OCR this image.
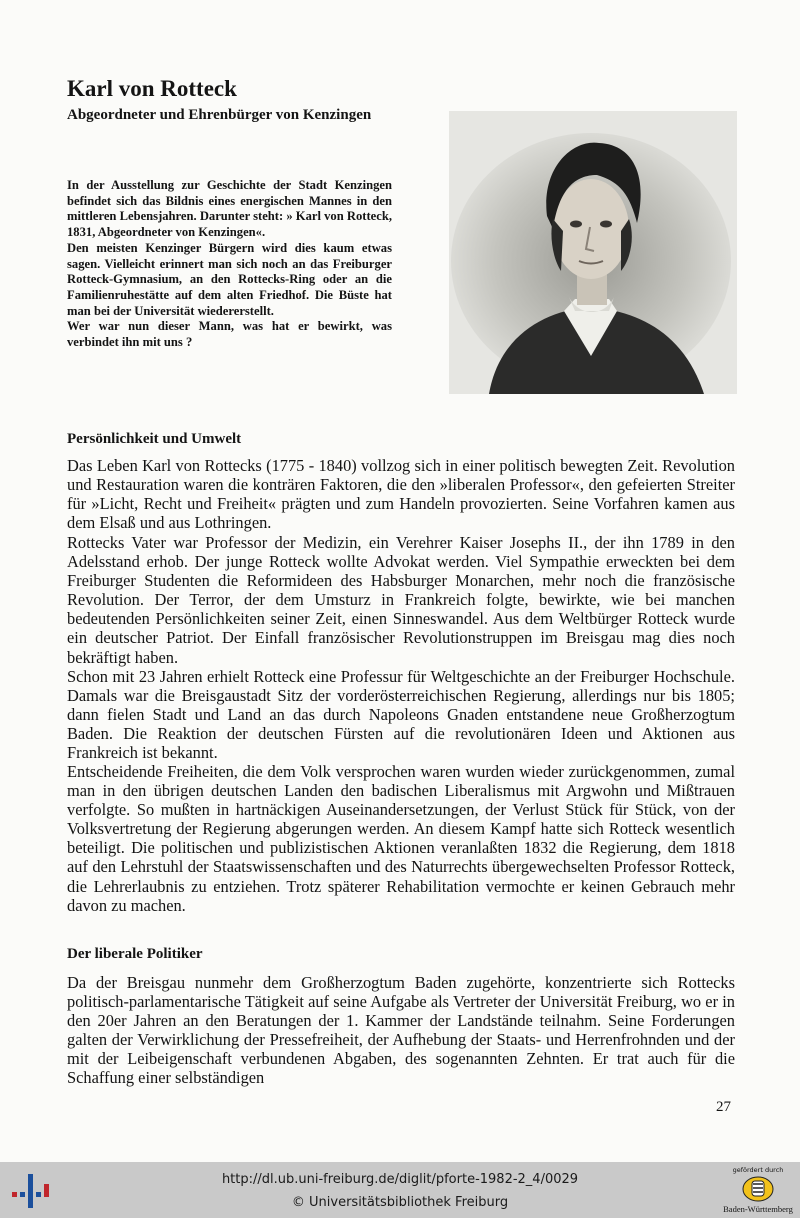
Karl von Rotteck
Abgeordneter und Ehrenbürger von Kenzingen

In der Ausstellung zur Geschichte der Stadt Kenzingen befindet sich das Bildnis eines energischen Mannes in den mittleren Lebensjahren. Darunter steht: » Karl von Rotteck, 1831, Abgeordneter von Kenzingen«.
Den meisten Kenzinger Bürgern wird dies kaum etwas sagen. Vielleicht erinnert man sich noch an das Freiburger Rotteck-Gymnasium, an den Rottecks-Ring oder an die Familienruhestätte auf dem alten Friedhof. Die Büste hat man bei der Universität wiedererstellt.
Wer war nun dieser Mann, was hat er bewirkt, was verbindet ihn mit uns ?

Persönlichkeit und Umwelt

Das Leben Karl von Rottecks (1775 - 1840) vollzog sich in einer politisch bewegten Zeit. Revolution und Restauration waren die konträren Faktoren, die den »liberalen Professor«, den gefeierten Streiter für »Licht, Recht und Freiheit« prägten und zum Handeln provozierten. Seine Vorfahren kamen aus dem Elsaß und aus Lothringen.

Rottecks Vater war Professor der Medizin, ein Verehrer Kaiser Josephs II., der ihn 1789 in den Adelsstand erhob. Der junge Rotteck wollte Advokat werden. Viel Sympathie erweckten bei dem Freiburger Studenten die Reformideen des Habsburger Monarchen, mehr noch die französische Revolution. Der Terror, der dem Umsturz in Frankreich folgte, bewirkte, wie bei manchen bedeutenden Persönlichkeiten seiner Zeit, einen Sinneswandel. Aus dem Weltbürger Rotteck wurde ein deutscher Patriot. Der Einfall französischer Revolutionstruppen im Breisgau mag dies noch bekräftigt haben.

Schon mit 23 Jahren erhielt Rotteck eine Professur für Weltgeschichte an der Freiburger Hochschule. Damals war die Breisgaustadt Sitz der vorderösterreichischen Regierung, allerdings nur bis 1805; dann fielen Stadt und Land an das durch Napoleons Gnaden entstandene neue Großherzogtum Baden. Die Reaktion der deutschen Fürsten auf die revolutionären Ideen und Aktionen aus Frankreich ist bekannt.

Entscheidende Freiheiten, die dem Volk versprochen waren wurden wieder zurückgenommen, zumal man in den übrigen deutschen Landen den badischen Liberalismus mit Argwohn und Mißtrauen verfolgte. So mußten in hartnäckigen Auseinandersetzungen, der Verlust Stück für Stück, von der Volksvertretung der Regierung abgerungen werden. An diesem Kampf hatte sich Rotteck wesentlich beteiligt. Die politischen und publizistischen Aktionen veranlaßten 1832 die Regierung, dem 1818 auf den Lehrstuhl der Staatswissenschaften und des Naturrechts übergewechselten Professor Rotteck, die Lehrerlaubnis zu entziehen. Trotz späterer Rehabilitation vermochte er keinen Gebrauch mehr davon zu machen.

Der liberale Politiker

Da der Breisgau nunmehr dem Großherzogtum Baden zugehörte, konzentrierte sich Rottecks politisch-parlamentarische Tätigkeit auf seine Aufgabe als Vertreter der Universität Freiburg, wo er in den 20er Jahren an den Beratungen der 1. Kammer der Landstände teilnahm. Seine Forderungen galten der Verwirklichung der Pressefreiheit, der Aufhebung der Staats- und Herrenfrohnden und der mit der Leibeigenschaft verbundenen Abgaben, des sogenannten Zehnten. Er trat auch für die Schaffung einer selbständigen

27
http://dl.ub.uni-freiburg.de/diglit/pforte-1982-2_4/0029
© Universitätsbibliothek Freiburg
gefördert durch
Baden-Württemberg
